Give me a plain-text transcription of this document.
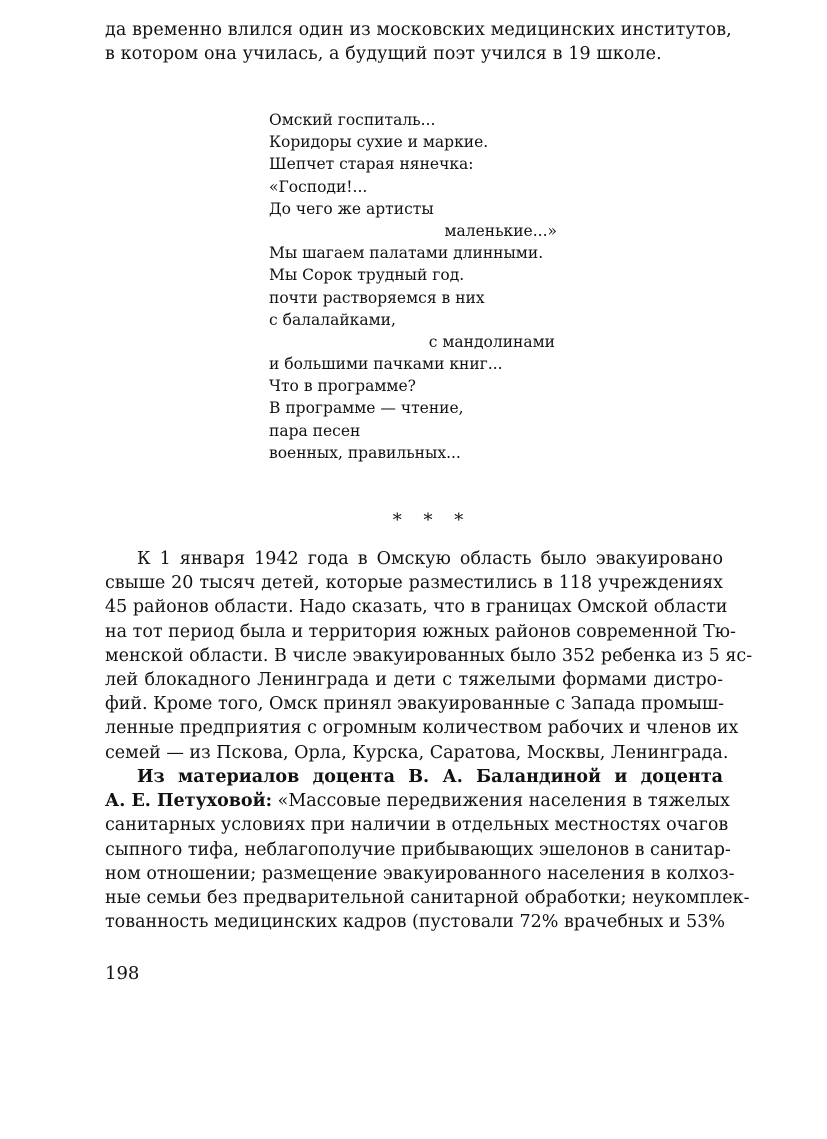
да временно влился один из московских медицинских институтов,
в котором она училась, а будущий поэт учился в 19 школе.
Омский госпиталь...
Коридоры сухие и маркие.
Шепчет старая нянечка:
«Господи!...
До чего же артисты
маленькие...»
Мы шагаем палатами длинными.
Мы Сорок трудный год.
почти растворяемся в них
с балалайками,
с мандолинами
и большими пачками книг...
Что в программе?
В программе — чтение,
пара песен
военных, правильных...
* * *
К 1 января 1942 года в Омскую область было эвакуировано
свыше 20 тысяч детей, которые разместились в 118 учреждениях
45 районов области. Надо сказать, что в границах Омской области
на тот период была и территория южных районов современной Тю-
менской области. В числе эвакуированных было 352 ребенка из 5 яс-
лей блокадного Ленинграда и дети с тяжелыми формами дистро-
фий. Кроме того, Омск принял эвакуированные с Запада промыш-
ленные предприятия с огромным количеством рабочих и членов их
семей — из Пскова, Орла, Курска, Саратова, Москвы, Ленинграда.
Из материалов доцента В. А. Баландиной и доцента
А. Е. Петуховой: «Массовые передвижения населения в тяжелых
санитарных условиях при наличии в отдельных местностях очагов
сыпного тифа, неблагополучие прибывающих эшелонов в санитар-
ном отношении; размещение эвакуированного населения в колхоз-
ные семьи без предварительной санитарной обработки; неукомплек-
тованность медицинских кадров (пустовали 72% врачебных и 53%
198
